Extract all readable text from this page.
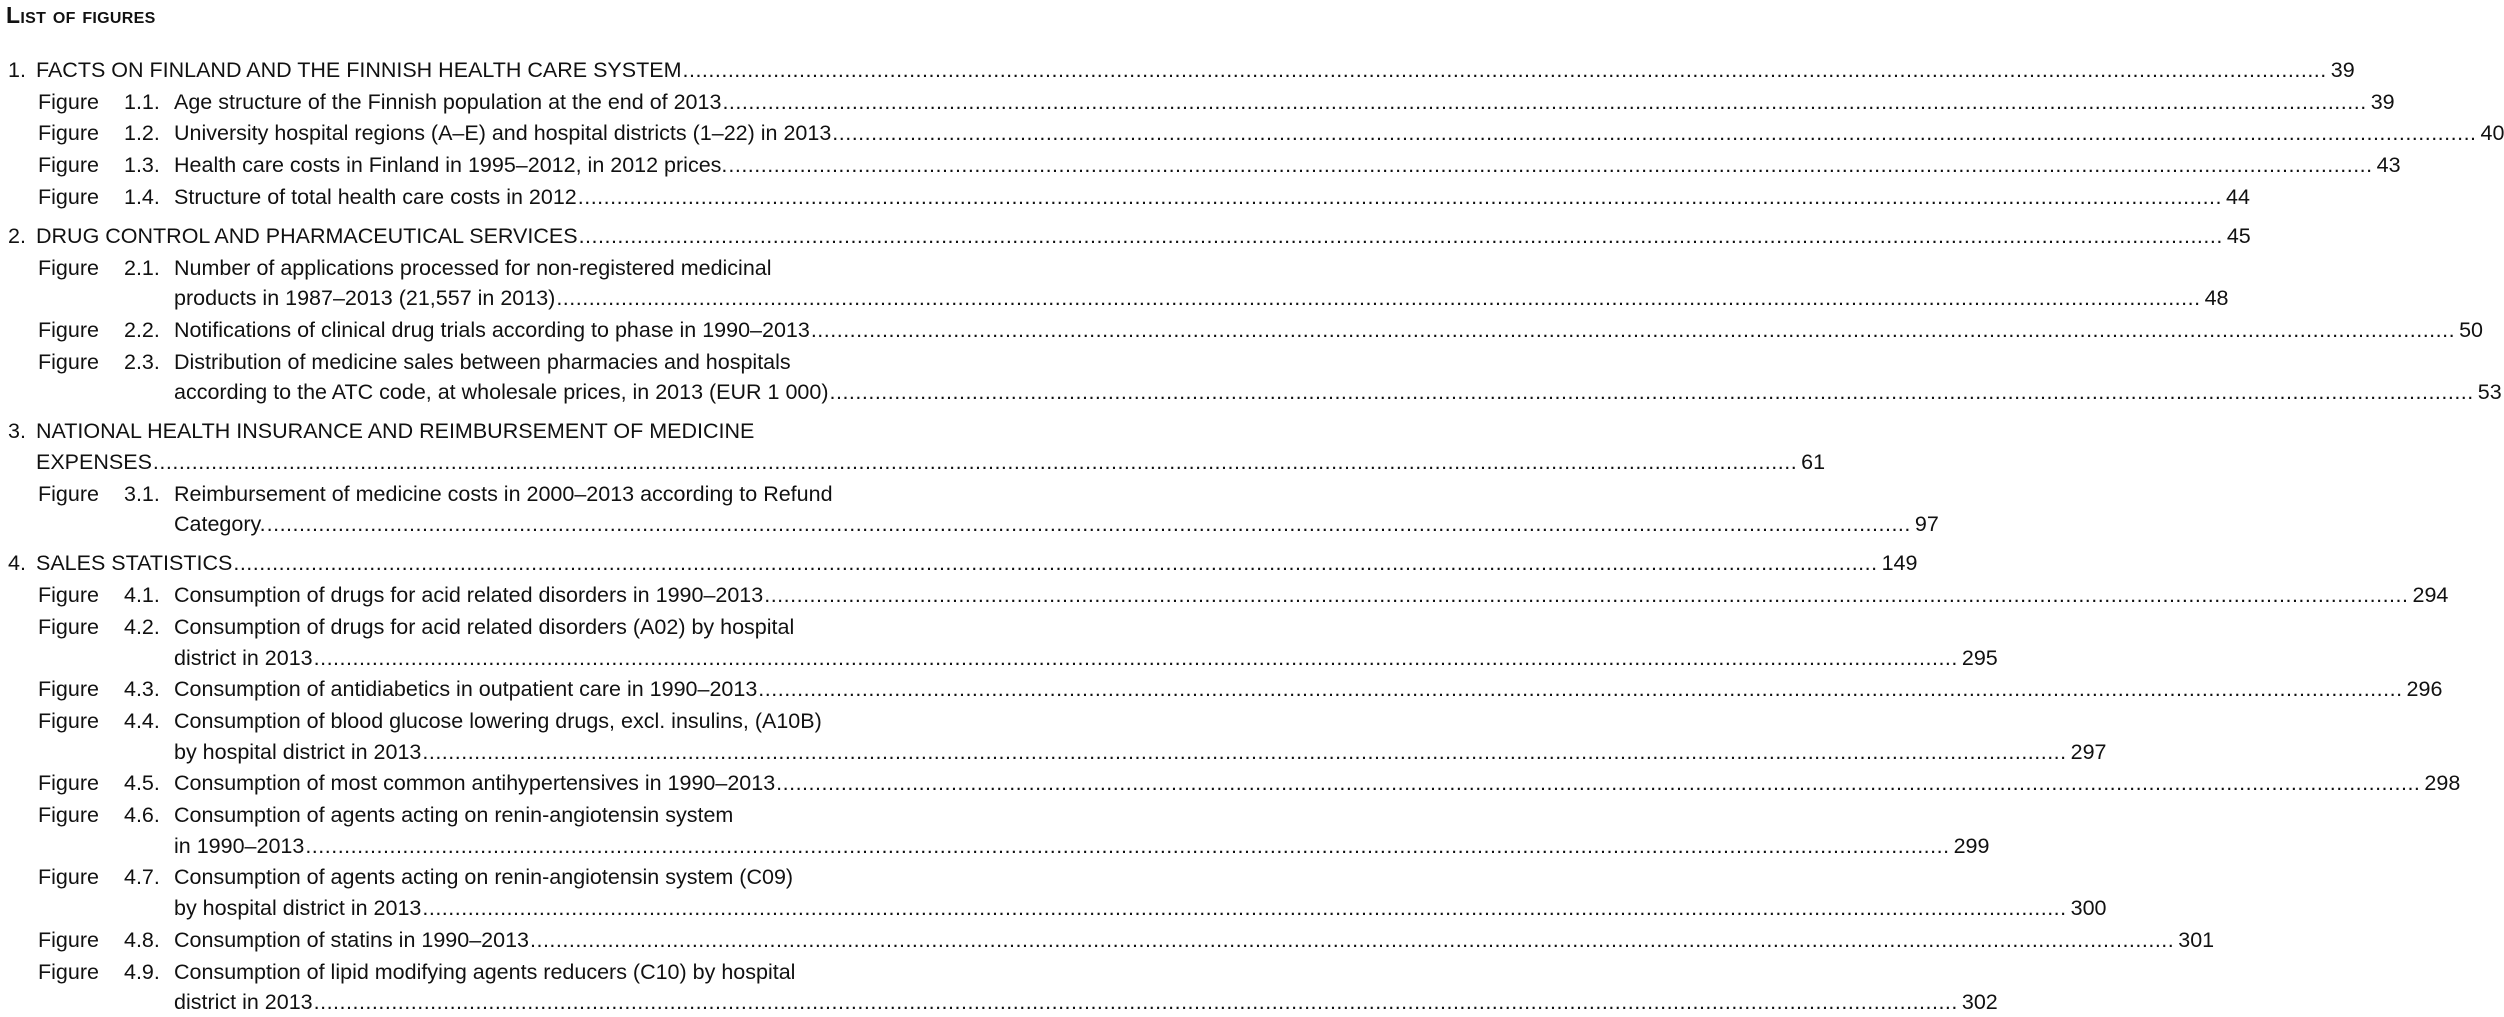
List of figures
1. FACTS ON FINLAND AND THE FINNISH HEALTH CARE SYSTEM .....	39
Figure	1.1. Age structure of the Finnish population at the end of 2013 .....	39
Figure	1.2. University hospital regions (A–E) and hospital districts (1–22) in 2013 .....	40
Figure	1.3. Health care costs in Finland in 1995–2012, in 2012 prices. .....	43
Figure	1.4. Structure of total health care costs in 2012 .....	44
2. DRUG CONTROL AND PHARMACEUTICAL SERVICES .....	45
Figure	2.1. Number of applications processed for non-registered medicinal
products in 1987–2013 (21,557 in 2013) .....	48
Figure	2.2. Notifications of clinical drug trials according to phase in 1990–2013 .....	50
Figure	2.3. Distribution of medicine sales between pharmacies and hospitals
according to the ATC code, at wholesale prices, in 2013 (EUR 1 000) .....	53
3. NATIONAL HEALTH INSURANCE AND REIMBURSEMENT OF MEDICINE
EXPENSES .....	61
Figure	3.1. Reimbursement of medicine costs in 2000–2013 according to Refund
Category. .....	97
4. SALES STATISTICS .....	149
Figure	4.1. Consumption of drugs for acid related disorders in 1990–2013 .....	294
Figure	4.2. Consumption of drugs for acid related disorders (A02) by hospital
district in 2013 .....	295
Figure	4.3. Consumption of antidiabetics in outpatient care in 1990–2013 .....	296
Figure	4.4. Consumption of blood glucose lowering drugs, excl. insulins, (A10B)
by hospital district in 2013 .....	297
Figure	4.5. Consumption of most common antihypertensives in 1990–2013 .....	298
Figure	4.6. Consumption of agents acting on renin-angiotensin system
in 1990–2013 .....	299
Figure	4.7. Consumption of agents acting on renin-angiotensin system (C09)
by hospital district in 2013 .....	300
Figure	4.8. Consumption of statins in 1990–2013 .....	301
Figure	4.9. Consumption of lipid modifying agents reducers (C10) by hospital
district in 2013 .....	302
